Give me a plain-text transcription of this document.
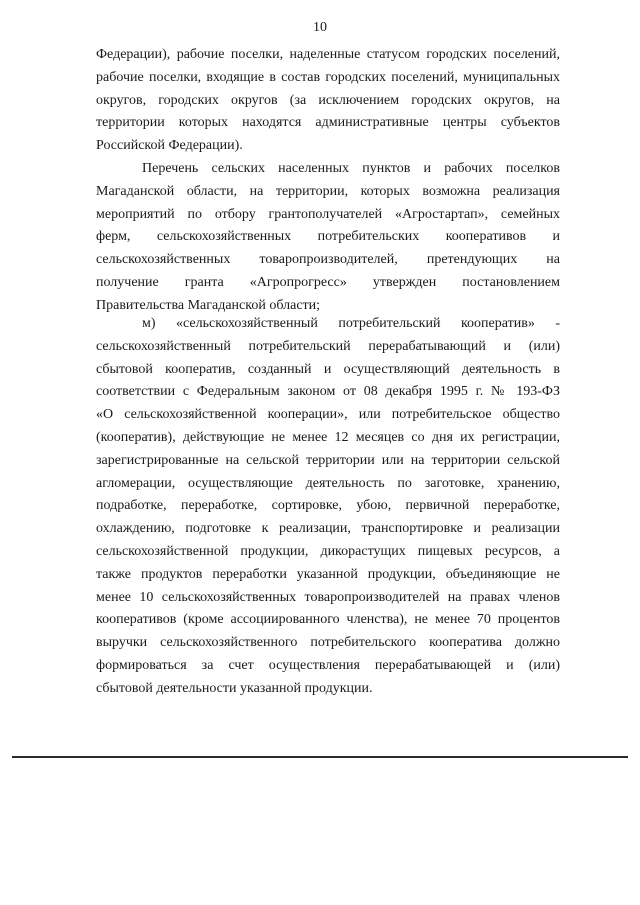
10
Федерации), рабочие поселки, наделенные статусом городских поселений,
рабочие поселки, входящие в состав городских поселений, муниципальных
округов, городских округов (за исключением городских округов, на
территории которых находятся административные центры субъектов
Российской Федерации).
Перечень сельских населенных пунктов и рабочих поселков
Магаданской области, на территории, которых возможна реализация
мероприятий по отбору грантополучателей «Агростартап», семейных
ферм, сельскохозяйственных потребительских кооперативов и
сельскохозяйственных товаропроизводителей, претендующих на
получение гранта «Агропрогресс» утвержден постановлением
Правительства Магаданской области;
м) «сельскохозяйственный потребительский кооператив» -
сельскохозяйственный потребительский перерабатывающий и (или)
сбытовой кооператив, созданный и осуществляющий деятельность в
соответствии с Федеральным законом от 08 декабря 1995 г. № 193-ФЗ
«О сельскохозяйственной кооперации», или потребительское общество
(кооператив), действующие не менее 12 месяцев со дня их регистрации,
зарегистрированные на сельской территории или на территории сельской
агломерации, осуществляющие деятельность по заготовке, хранению,
подработке, переработке, сортировке, убою, первичной переработке,
охлаждению, подготовке к реализации, транспортировке и реализации
сельскохозяйственной продукции, дикорастущих пищевых ресурсов, а
также продуктов переработки указанной продукции, объединяющие не
менее 10 сельскохозяйственных товаропроизводителей на правах членов
кооперативов (кроме ассоциированного членства), не менее 70 процентов
выручки сельскохозяйственного потребительского кооператива должно
формироваться за счет осуществления перерабатывающей и (или)
сбытовой деятельности указанной продукции.
